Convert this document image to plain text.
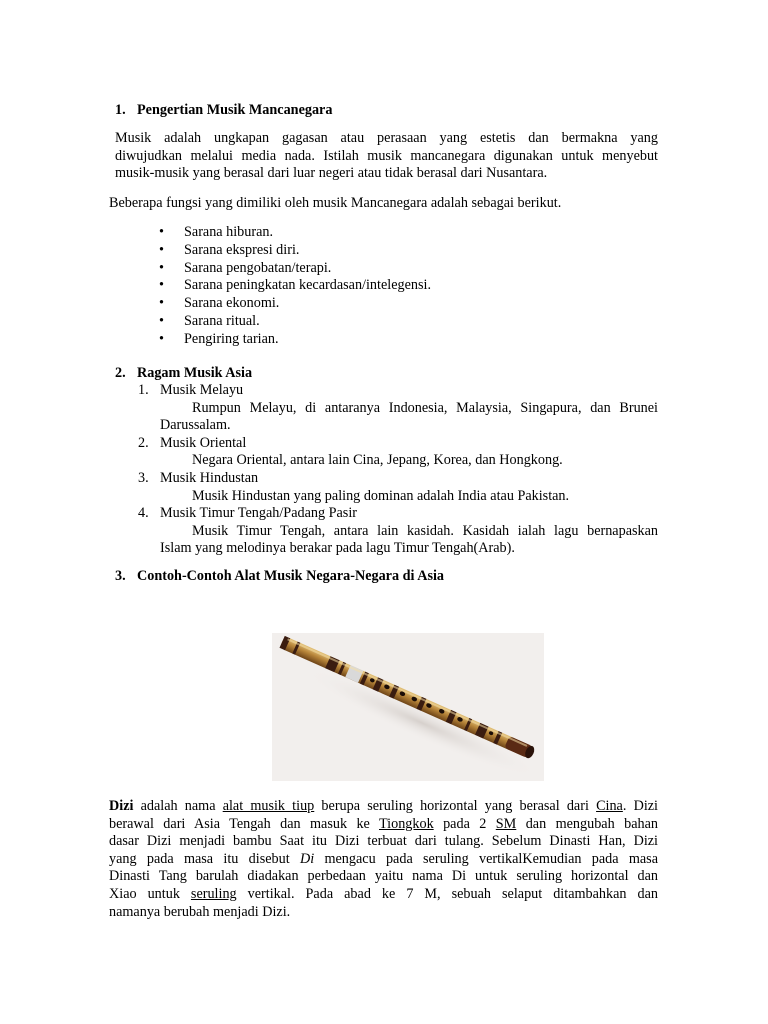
1. Pengertian Musik Mancanegara
Musik adalah ungkapan gagasan atau perasaan yang estetis dan bermakna yang
diwujudkan melalui media nada. Istilah musik mancanegara digunakan untuk menyebut
musik-musik yang berasal dari luar negeri atau tidak berasal dari Nusantara.
Beberapa fungsi yang dimiliki oleh musik Mancanegara adalah sebagai berikut.
• Sarana hiburan.
• Sarana ekspresi diri.
• Sarana pengobatan/terapi.
• Sarana peningkatan kecardasan/intelegensi.
• Sarana ekonomi.
• Sarana ritual.
• Pengiring tarian.
2. Ragam Musik Asia
1. Musik Melayu
Rumpun Melayu, di antaranya Indonesia, Malaysia, Singapura, dan Brunei
Darussalam.
2. Musik Oriental
Negara Oriental, antara lain Cina, Jepang, Korea, dan Hongkong.
3. Musik Hindustan
Musik Hindustan yang paling dominan adalah India atau Pakistan.
4. Musik Timur Tengah/Padang Pasir
Musik Timur Tengah, antara lain kasidah. Kasidah ialah lagu bernapaskan
Islam yang melodinya berakar pada lagu Timur Tengah(Arab).
3. Contoh-Contoh Alat Musik Negara-Negara di Asia
Dizi adalah nama alat musik tiup berupa seruling horizontal yang berasal dari Cina. Dizi
berawal dari Asia Tengah dan masuk ke Tiongkok pada 2 SM dan mengubah bahan
dasar Dizi menjadi bambu Saat itu Dizi terbuat dari tulang. Sebelum Dinasti Han, Dizi
yang pada masa itu disebut Di mengacu pada seruling vertikalKemudian pada masa
Dinasti Tang barulah diadakan perbedaan yaitu nama Di untuk seruling horizontal dan
Xiao untuk seruling vertikal. Pada abad ke 7 M, sebuah selaput ditambahkan dan
namanya berubah menjadi Dizi.
